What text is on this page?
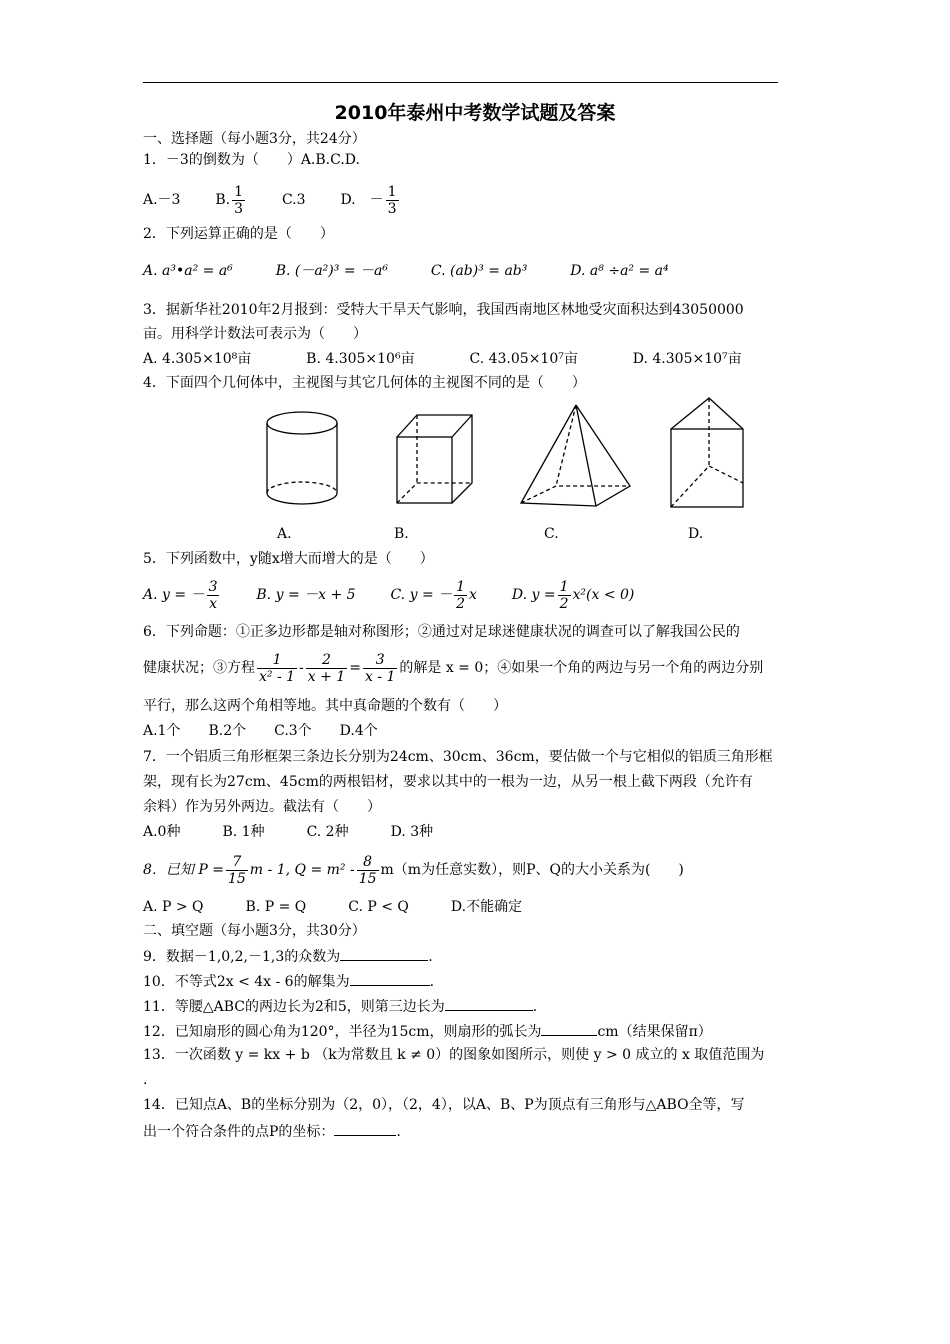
2010年泰州中考数学试题及答案
一、选择题（每小题3分，共24分）
1．－3的倒数为（　　）A.B.C.D.
A.－3 B. $\frac{1}{3}$	C.3 D.　－ $\frac{1}{3}$
2．下列运算正确的是（　　）
A. a³•a² = a⁶	B. (－a²)³ = －a⁶	C. (ab)³ = ab³	D. a⁸ ÷a² = a⁴
3．据新华社2010年2月报到：受特大干旱天气影响，我国西南地区林地受灾面积达到43050000
亩。用科学计数法可表示为（　　）
A. 4.305×10⁸亩	B. 4.305×10⁶亩	C. 43.05×10⁷亩	D. 4.305×10⁷亩
4．下面四个几何体中，主视图与其它几何体的主视图不同的是（　　）
A.	B.	C.	D.
5．下列函数中，y随x增大而增大的是（　　）
A. y = － $\frac{3}{x}$	B. y = －x + 5 C. y = － $\frac{1}{2}$ x D. $y = \frac{1}{2} x^2(x < 0)$
6．下列命题：①正多边形都是轴对称图形；②通过对足球迷健康状况的调查可以了解我国公民的
健康状况；③方程 $\frac{1}{\text{x² - 1}} - \frac{2}{x + 1} = \frac{3}{x - 1}$ 的解是 x = 0；④如果一个角的两边与另一个角的两边分别
平行，那么这两个角相等地。其中真命题的个数有（　　）
A.1个　　B.2个　　C.3个　　D.4个
7．一个铝质三角形框架三条边长分别为24cm、30cm、36cm，要估做一个与它相似的铝质三角形框
架，现有长为27cm、45cm的两根铝材，要求以其中的一根为一边，从另一根上截下两段（允许有
余料）作为另外两边。截法有（　　）
A.0种　　　B. 1种　　　C. 2种　　　D. 3种
8．已知 $P = \frac{7}{15}$ m - 1, $Q = m^2 - \frac{8}{15} m(m$为任意实数），则P、Q的大小关系为(　　)
A. P > Q　　　B. P = Q　　　C. P < Q　　　D.不能确定
二、填空题（每小题3分，共30分）
9．数据－1,0,2,－1,3的众数为	.
10．不等式2x < 4x - 6的解集为	.
11．等腰△ABC的两边长为2和5，则第三边长为	.
12．已知扇形的圆心角为120°，半径为15cm，则扇形的弧长为	cm（结果保留π）
13．一次函数 y = kx + b （k为常数且 k ≠ 0）的图象如图所示，则使 y > 0 成立的 x 取值范围为
.
14．已知点A、B的坐标分别为（2，0），（2，4），以A、B、P为顶点有三角形与△ABO全等，写
出一个符合条件的点P的坐标：	.
